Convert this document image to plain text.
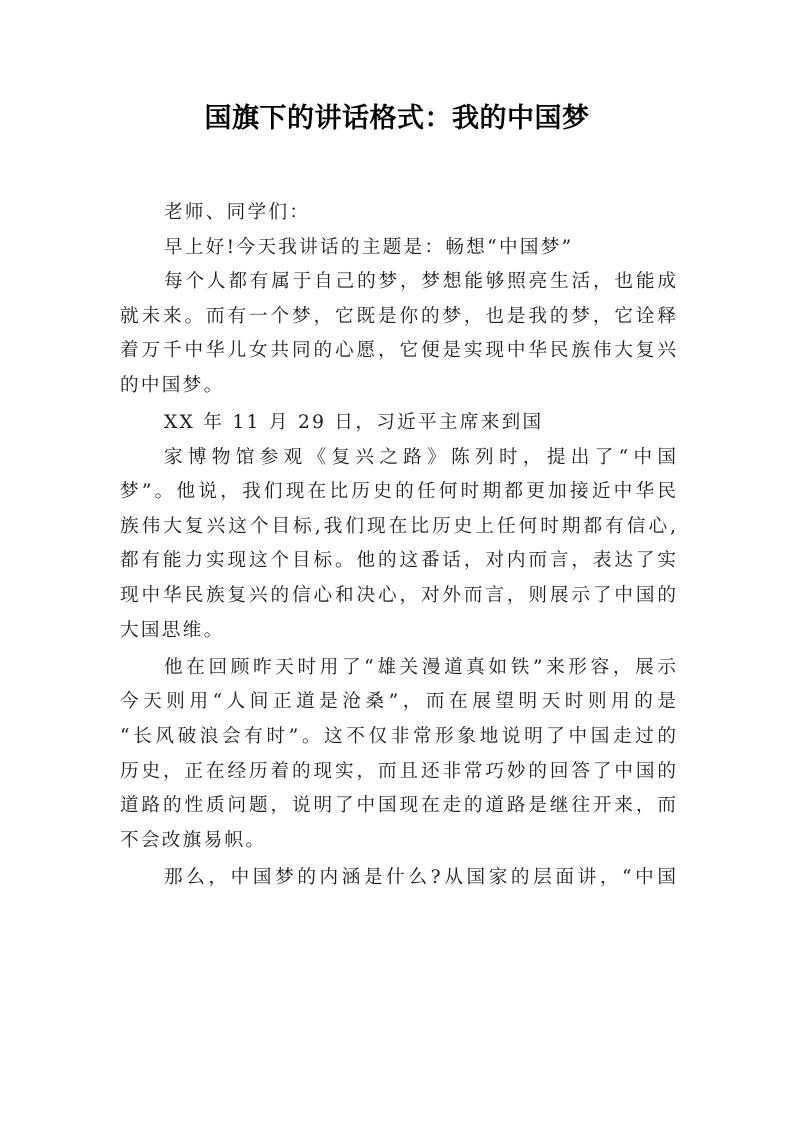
国旗下的讲话格式：我的中国梦
老师、同学们：
早上好!今天我讲话的主题是：畅想“中国梦”
每个人都有属于自己的梦，梦想能够照亮生活，也能成
就未来。而有一个梦，它既是你的梦，也是我的梦，它诠释
着万千中华儿女共同的心愿，它便是实现中华民族伟大复兴
的中国梦。
XX 年 11 月 29 日，习近平主席来到国
家博物馆参观《复兴之路》陈列时，提出了“中国
梦”。他说，我们现在比历史的任何时期都更加接近中华民
族伟大复兴这个目标,我们现在比历史上任何时期都有信心,
都有能力实现这个目标。他的这番话，对内而言，表达了实
现中华民族复兴的信心和决心，对外而言，则展示了中国的
大国思维。
他在回顾昨天时用了“雄关漫道真如铁”来形容，展示
今天则用“人间正道是沧桑”，而在展望明天时则用的是
“长风破浪会有时”。这不仅非常形象地说明了中国走过的
历史，正在经历着的现实，而且还非常巧妙的回答了中国的
道路的性质问题，说明了中国现在走的道路是继往开来，而
不会改旗易帜。
那么，中国梦的内涵是什么?从国家的层面讲，“中国
